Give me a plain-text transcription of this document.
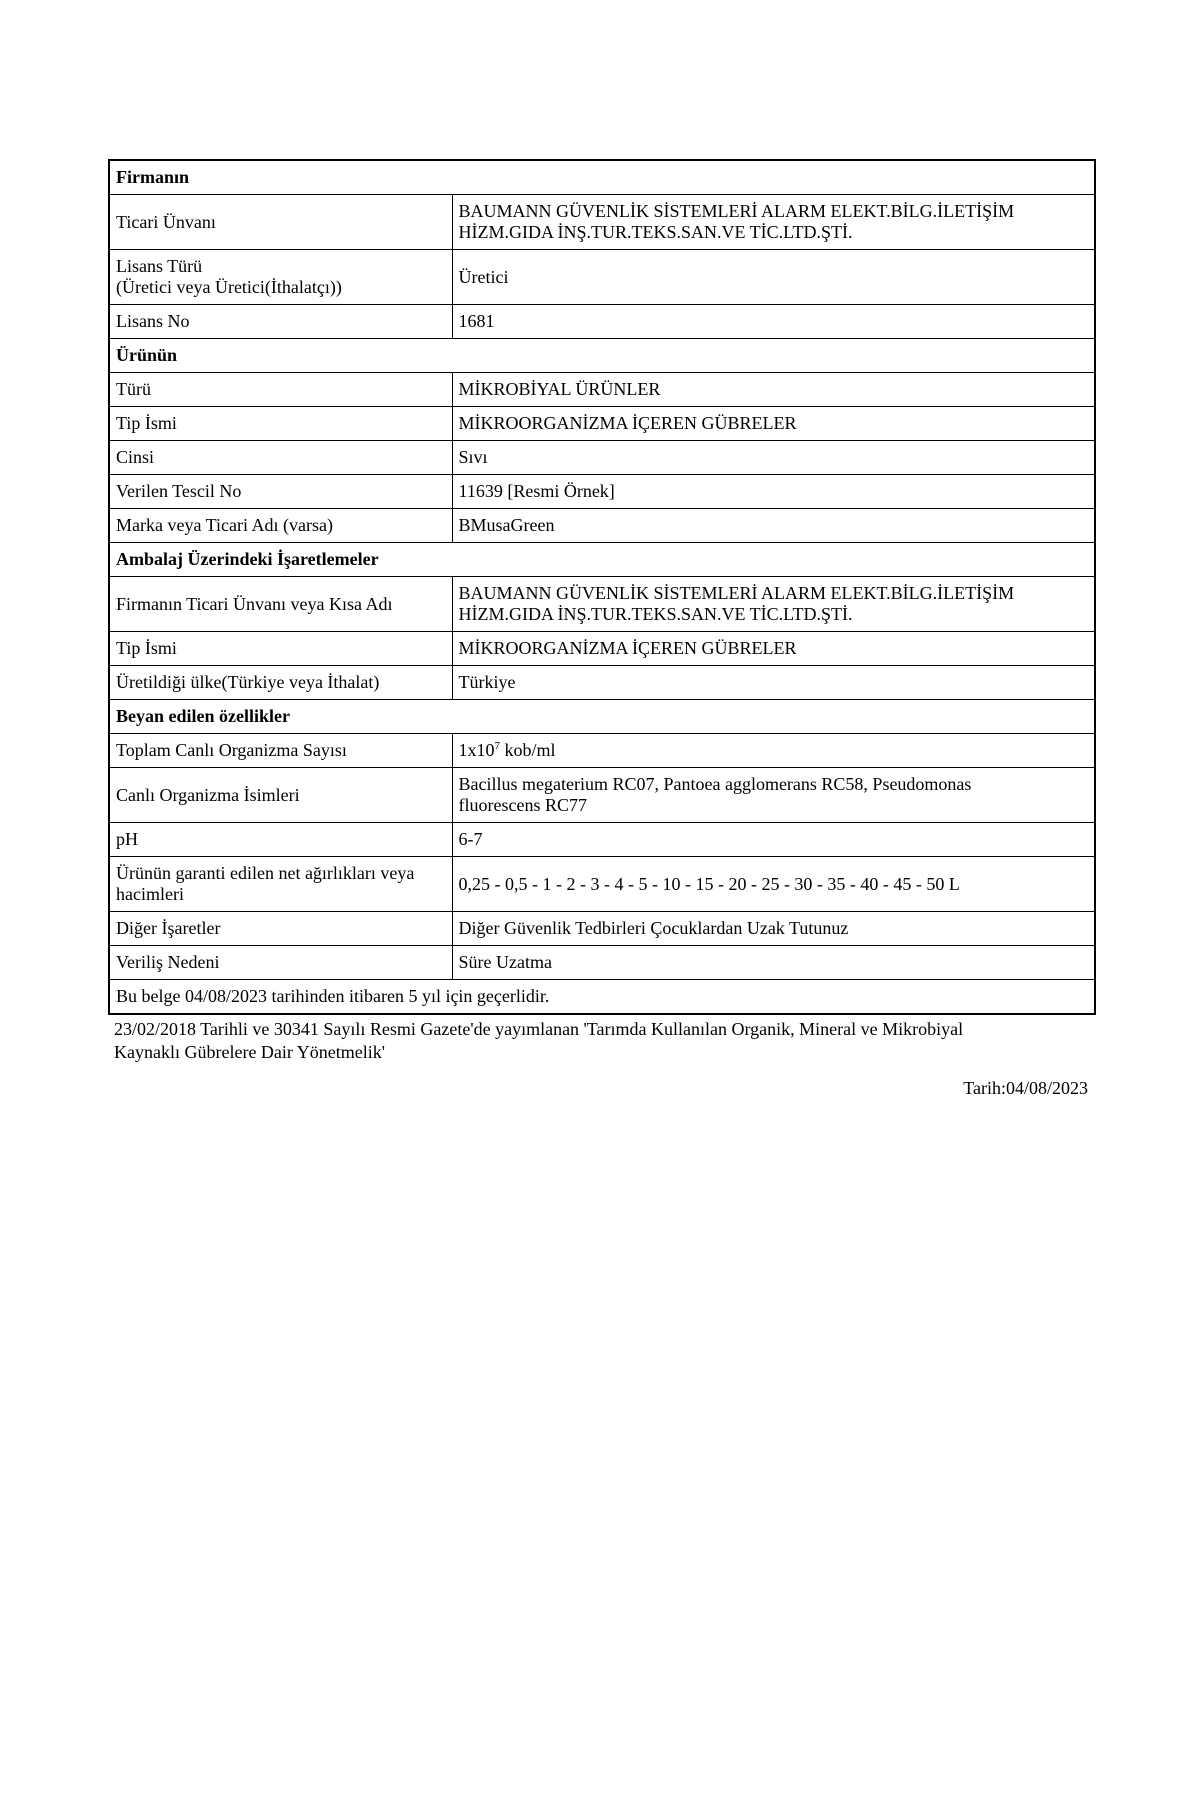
Firmanın	
Ticari Ünvanı	BAUMANN GÜVENLİK SİSTEMLERİ ALARM ELEKT.BİLG.İLETİŞİM
HİZM.GIDA İNŞ.TUR.TEKS.SAN.VE TİC.LTD.ŞTİ.

Lisans Türü
(Üretici veya Üretici(İthalatçı))	Üretici
Lisans No	1681
Ürünün	
Türü	MİKROBİYAL ÜRÜNLER
Tip İsmi	MİKROORGANİZMA İÇEREN GÜBRELER
Cinsi	Sıvı
Verilen Tescil No	11639 [Resmi Örnek]
Marka veya Ticari Adı (varsa)	BMusaGreen
Ambalaj Üzerindeki İşaretlemeler	
Firmanın Ticari Ünvanı veya Kısa Adı	BAUMANN GÜVENLİK SİSTEMLERİ ALARM ELEKT.BİLG.İLETİŞİM
HİZM.GIDA İNŞ.TUR.TEKS.SAN.VE TİC.LTD.ŞTİ.

Tip İsmi	MİKROORGANİZMA İÇEREN GÜBRELER
Üretildiği ülke(Türkiye veya İthalat)	Türkiye
Beyan edilen özellikler	
Toplam Canlı Organizma Sayısı	$1x10^7$ kob/ml
Canlı Organizma İsimleri	Bacillus megaterium RC07, Pantoea agglomerans RC58, Pseudomonas
fluorescens RC77

pH	6-7

Ürünün garanti edilen net ağırlıkları veya
hacimleri	0,25 - 0,5 - 1 - 2 - 3 - 4 - 5 - 10 - 15 - 20 - 25 - 30 - 35 - 40 - 45 - 50 L
Diğer İşaretler	Diğer Güvenlik Tedbirleri Çocuklardan Uzak Tutunuz
Veriliş Nedeni	Süre Uzatma
Bu belge 04/08/2023 tarihinden itibaren 5 yıl için geçerlidir.	
23/02/2018 Tarihli ve 30341 Sayılı Resmi Gazete'de yayımlanan 'Tarımda Kullanılan Organik, Mineral ve Mikrobiyal
Kaynaklı Gübrelere Dair Yönetmelik'
Tarih:04/08/2023
